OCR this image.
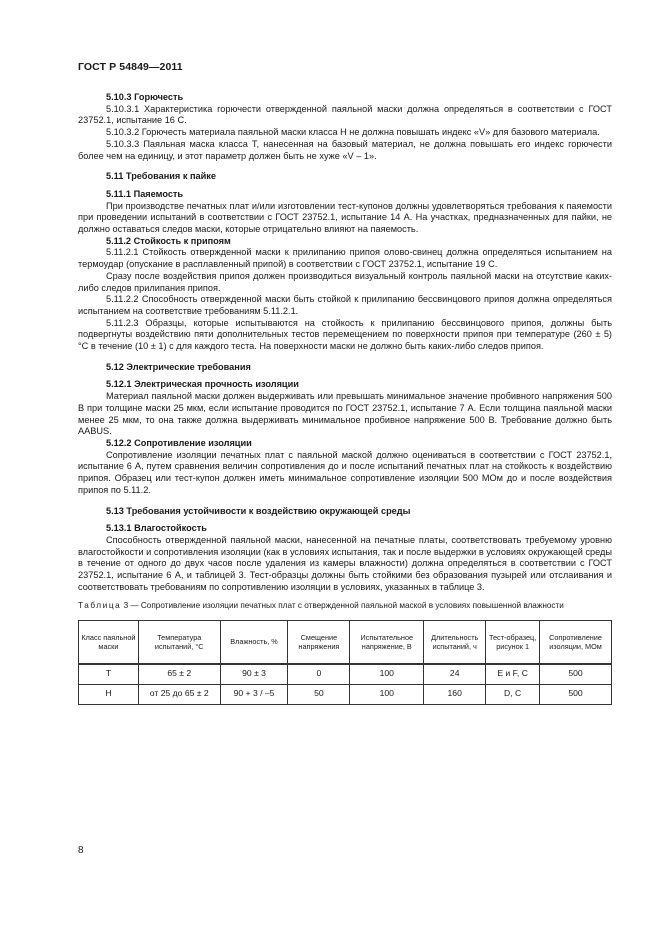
ГОСТ Р 54849—2011
5.10.3 Горючесть

5.10.3.1 Характеристика горючести отвержденной паяльной маски должна определяться в соответствии с ГОСТ 23752.1, испытание 16 С.

5.10.3.2 Горючесть материала паяльной маски класса Н не должна повышать индекс «V» для базового материала.

5.10.3.3 Паяльная маска класса Т, нанесенная на базовый материал, не должна повышать его индекс горючести более чем на единицу, и этот параметр должен быть не хуже «V – 1».

5.11 Требования к пайке
5.11.1 Паяемость

При производстве печатных плат и/или изготовлении тест-купонов должны удовлетворяться требования к паяемости при проведении испытаний в соответствии с ГОСТ 23752.1, испытание 14 А. На участках, предназначенных для пайки, не должно оставаться следов маски, которые отрицательно влияют на паяемость.

5.11.2 Стойкость к припоям

5.11.2.1 Стойкость отвержденной маски к прилипанию припоя олово-свинец должна определяться испытанием на термоудар (опускание в расплавленный припой) в соответствии с ГОСТ 23752.1, испытание 19 С.

Сразу после воздействия припоя должен производиться визуальный контроль паяльной маски на отсутствие каких-либо следов прилипания припоя.

5.11.2.2 Способность отвержденной маски быть стойкой к прилипанию бессвинцового припоя должна определяться испытанием на соответствие требованиям 5.11.2.1.

5.11.2.3 Образцы, которые испытываются на стойкость к прилипанию бессвинцового припоя, должны быть подвергнуты воздействию пяти дополнительных тестов перемещением по поверхности припоя при температуре (260 ± 5) °С в течение (10 ± 1) с для каждого теста. На поверхности маски не должно быть каких-либо следов припоя.

5.12 Электрические требования
5.12.1 Электрическая прочность изоляции

Материал паяльной маски должен выдерживать или превышать минимальное значение пробивного напряжения 500 В при толщине маски 25 мкм, если испытание проводится по ГОСТ 23752.1, испытание 7 А. Если толщина паяльной маски менее 25 мкм, то она также должна выдерживать минимальное пробивное напряжение 500 В. Требование должно быть AABUS.

5.12.2 Сопротивление изоляции

Сопротивление изоляции печатных плат с паяльной маской должно оцениваться в соответствии с ГОСТ 23752.1, испытание 6 А, путем сравнения величин сопротивления до и после испытаний печатных плат на стойкость к воздействию припоя. Образец или тест-купон должен иметь минимальное сопротивление изоляции 500 МОм до и после воздействия припоя по 5.11.2.

5.13 Требования устойчивости к воздействию окружающей среды
5.13.1 Влагостойкость

Способность отвержденной паяльной маски, нанесенной на печатные платы, соответствовать требуемому уровню влагостойкости и сопротивления изоляции (как в условиях испытания, так и после выдержки в условиях окружающей среды в течение от одного до двух часов после удаления из камеры влажности) должна определяться в соответствии с ГОСТ 23752.1, испытание 6 А, и таблицей 3. Тест-образцы должны быть стойкими без образования пузырей или отслаивания и соответствовать требованиям по сопротивлению изоляции в условиях, указанных в таблице 3.

Таблица 3 — Сопротивление изоляции печатных плат с отвержденной паяльной маской в условиях повышенной влажности
Класс паяльной маски	Температура испытаний, °С	Влажность, %	Смещение напряжения	Испытательное напряжение, В	Длительность испытаний, ч	Тест-образец, рисунок 1	Сопротивление изоляции, МОм

Т	65 ± 2	90 ± 3	0	100	24	Е и F, С	500
Н	от 25 до 65 ± 2	90 + 3 / –5	50	100	160	D, С	500
8
